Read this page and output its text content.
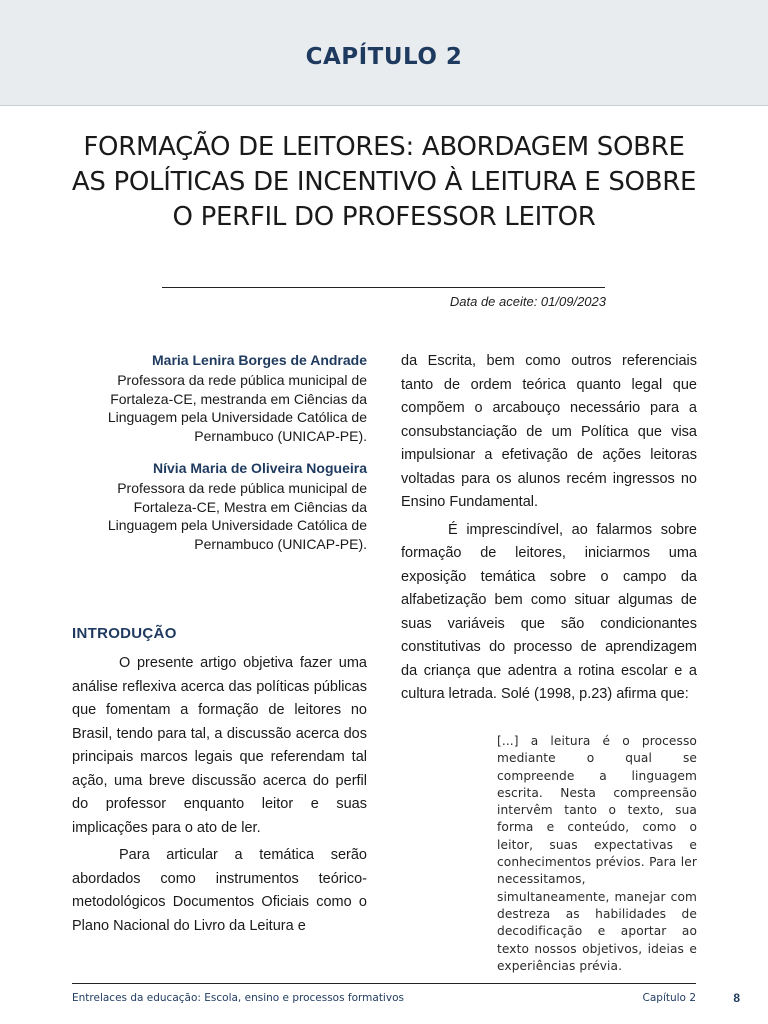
CAPÍTULO 2
FORMAÇÃO DE LEITORES: ABORDAGEM SOBRE
AS POLÍTICAS DE INCENTIVO À LEITURA E SOBRE
O PERFIL DO PROFESSOR LEITOR
Data de aceite: 01/09/2023
Maria Lenira Borges de Andrade
Professora da rede pública municipal de
Fortaleza-CE, mestranda em Ciências da
Linguagem pela Universidade Católica de
Pernambuco (UNICAP-PE).
Nívia Maria de Oliveira Nogueira
Professora da rede pública municipal de
Fortaleza-CE, Mestra em Ciências da
Linguagem pela Universidade Católica de
Pernambuco (UNICAP-PE).
INTRODUÇÃO
O presente artigo objetiva fazer uma análise reflexiva acerca das políticas públicas que fomentam a formação de leitores no Brasil, tendo para tal, a discussão acerca dos principais marcos legais que referendam tal ação, uma breve discussão acerca do perfil do professor enquanto leitor e suas implicações para o ato de ler.
Para articular a temática serão abordados como instrumentos teórico-metodológicos Documentos Oficiais como o Plano Nacional do Livro da Leitura e
da Escrita, bem como outros referenciais tanto de ordem teórica quanto legal que compõem o arcabouço necessário para a consubstanciação de um Política que visa impulsionar a efetivação de ações leitoras voltadas para os alunos recém ingressos no Ensino Fundamental.
É imprescindível, ao falarmos sobre formação de leitores, iniciarmos uma exposição temática sobre o campo da alfabetização bem como situar algumas de suas variáveis que são condicionantes constitutivas do processo de aprendizagem da criança que adentra a rotina escolar e a cultura letrada. Solé (1998, p.23) afirma que:
[...] a leitura é o processo mediante o qual se compreende a linguagem escrita. Nesta compreensão intervêm tanto o texto, sua forma e conteúdo, como o leitor, suas expectativas e conhecimentos prévios. Para ler necessitamos, simultaneamente, manejar com destreza as habilidades de decodificação e aportar ao texto nossos objetivos, ideias e experiências prévia.
Entrelaces da educação: Escola, ensino e processos formativos	Capítulo 2	8
